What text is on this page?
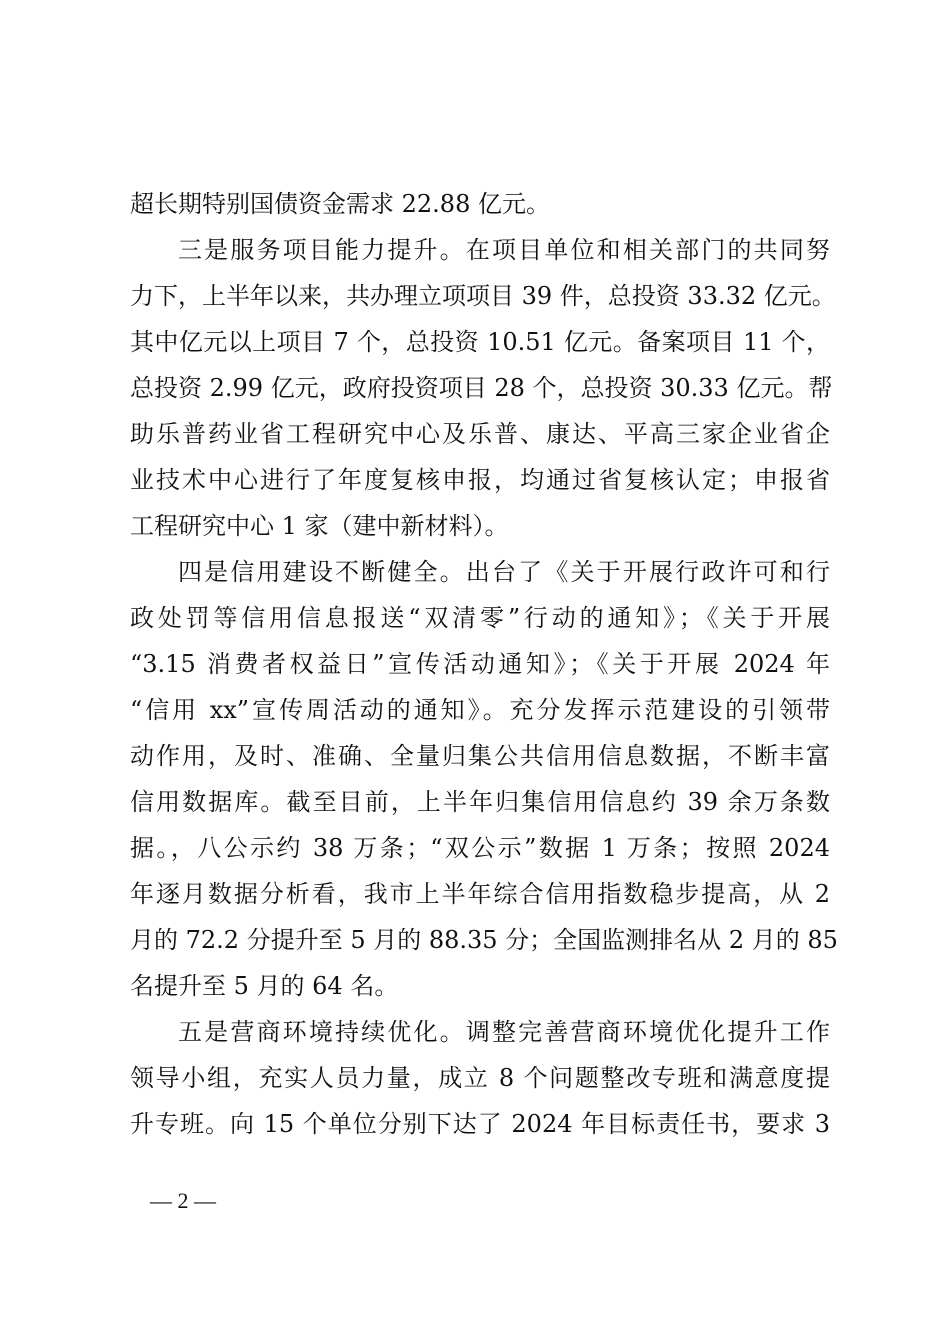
超长期特别国债资金需求 22.88 亿元。
三是服务项目能力提升。在项目单位和相关部门的共同努
力下，上半年以来，共办理立项项目 39 件，总投资 33.32 亿元。
其中亿元以上项目 7 个，总投资 10.51 亿元。备案项目 11 个，
总投资 2.99 亿元，政府投资项目 28 个，总投资 30.33 亿元。帮
助乐普药业省工程研究中心及乐普、康达、平高三家企业省企
业技术中心进行了年度复核申报，均通过省复核认定；申报省
工程研究中心 1 家（建中新材料）。
四是信用建设不断健全。出台了《关于开展行政许可和行
政处罚等信用信息报送“双清零”行动的通知》；《关于开展
“3.15 消费者权益日”宣传活动通知》；《关于开展 2024 年
“信用 xx”宣传周活动的通知》。充分发挥示范建设的引领带
动作用，及时、准确、全量归集公共信用信息数据，不断丰富
信用数据库。截至目前，上半年归集信用信息约 39 余万条数
据。，八公示约 38 万条；“双公示”数据 1 万条；按照 2024
年逐月数据分析看，我市上半年综合信用指数稳步提高，从 2
月的 72.2 分提升至 5 月的 88.35 分；全国监测排名从 2 月的 85
名提升至 5 月的 64 名。
五是营商环境持续优化。调整完善营商环境优化提升工作
领导小组，充实人员力量，成立 8 个问题整改专班和满意度提
升专班。向 15 个单位分别下达了 2024 年目标责任书，要求 3
— 2 —
